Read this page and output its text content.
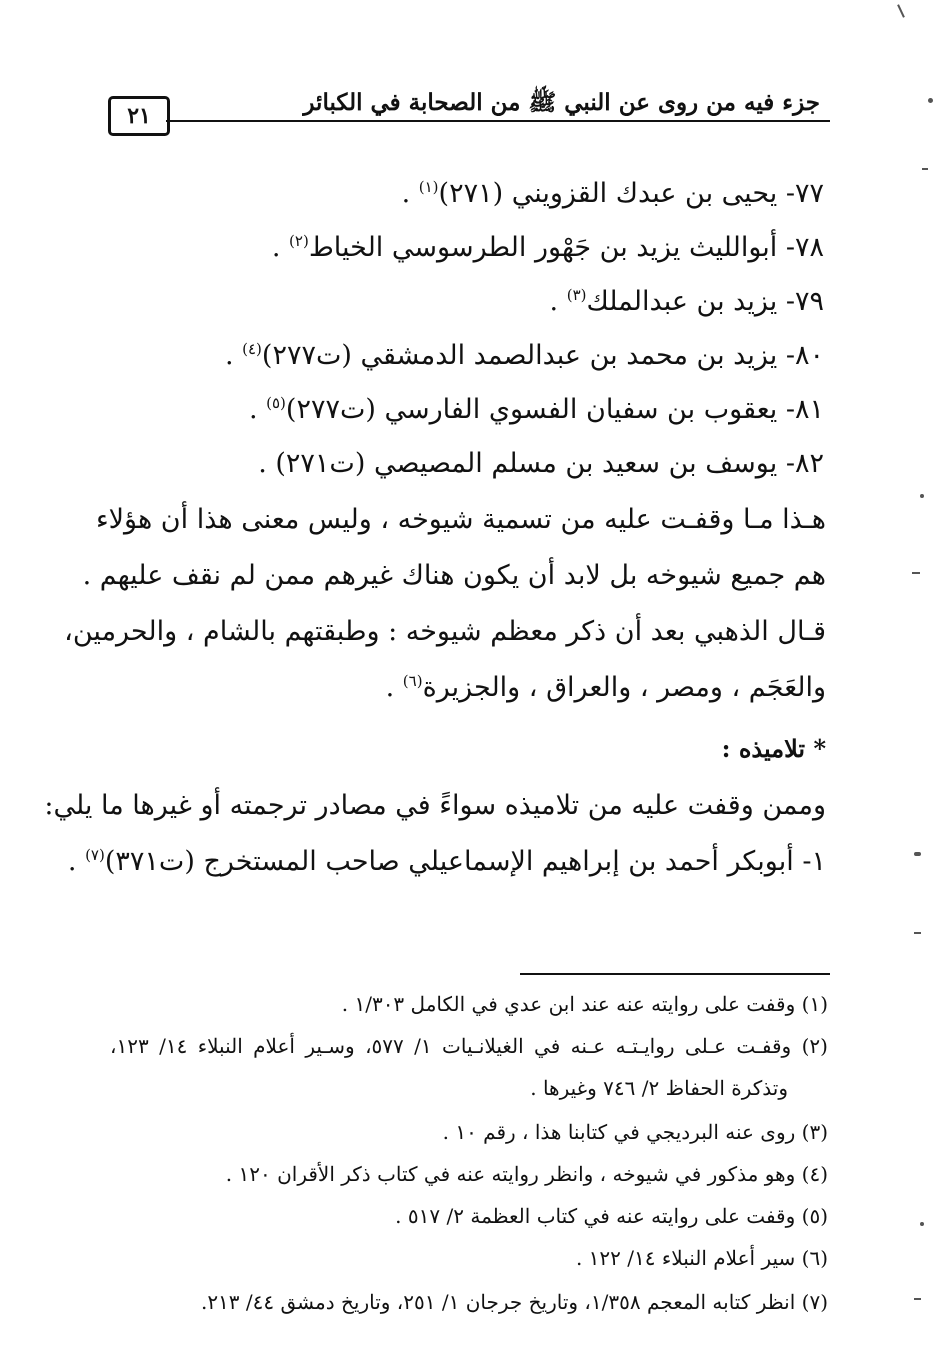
جزء فيه من روى عن النبي ﷺ من الصحابة في الكبائر
٢١
٧٧- يحيى بن عبدك القزويني (٢٧١)$^{(١)}$ .
٧٨- أبوالليث يزيد بن جَهْور الطرسوسي الخياط$^{(٢)}$ .
٧٩- يزيد بن عبدالملك$^{(٣)}$ .
٨٠- يزيد بن محمد بن عبدالصمد الدمشقي (ت٢٧٧)$^{(٤)}$ .
٨١- يعقوب بن سفيان الفسوي الفارسي (ت٢٧٧)$^{(٥)}$ .
٨٢- يوسف بن سعيد بن مسلم المصيصي (ت٢٧١) .
هـذا مـا وقفـت عليه من تسمية شيوخه ، وليس معنى هذا أن هؤلاء
هم جميع شيوخه بل لابد أن يكون هناك غيرهم ممن لم نقف عليهم .
قـال الذهبي بعد أن ذكر معظم شيوخه : وطبقتهم بالشام ، والحرمين،
والعَجَم ، ومصر ، والعراق ، والجزيرة$^{(٦)}$ .
* تلاميذه :
وممن وقفت عليه من تلاميذه سواءً في مصادر ترجمته أو غيرها ما يلي:
١- أبوبكر أحمد بن إبراهيم الإسماعيلي صاحب المستخرج (ت٣٧١)$^{(٧)}$ .
(١) وقفت على روايته عنه عند ابن عدي في الكامل ١/٣٠٣ .
(٢) وقفـت عـلى روايـتـه عـنه في الغيلانـيات ١/ ٥٧٧، وسـير أعلام النبلاء ١٤/ ١٢٣،
وتذكرة الحفاظ ٢/ ٧٤٦ وغيرها .
(٣) روى عنه البرديجي في كتابنا هذا ، رقم ١٠ .
(٤) وهو مذكور في شيوخه ، وانظر روايته عنه في كتاب ذكر الأقران ١٢٠ .
(٥) وقفت على روايته عنه في كتاب العظمة ٢/ ٥١٧ .
(٦) سير أعلام النبلاء ١٤/ ١٢٢ .
(٧) انظر كتابه المعجم ١/٣٥٨، وتاريخ جرجان ١/ ٢٥١، وتاريخ دمشق ٤٤/ ٢١٣.
